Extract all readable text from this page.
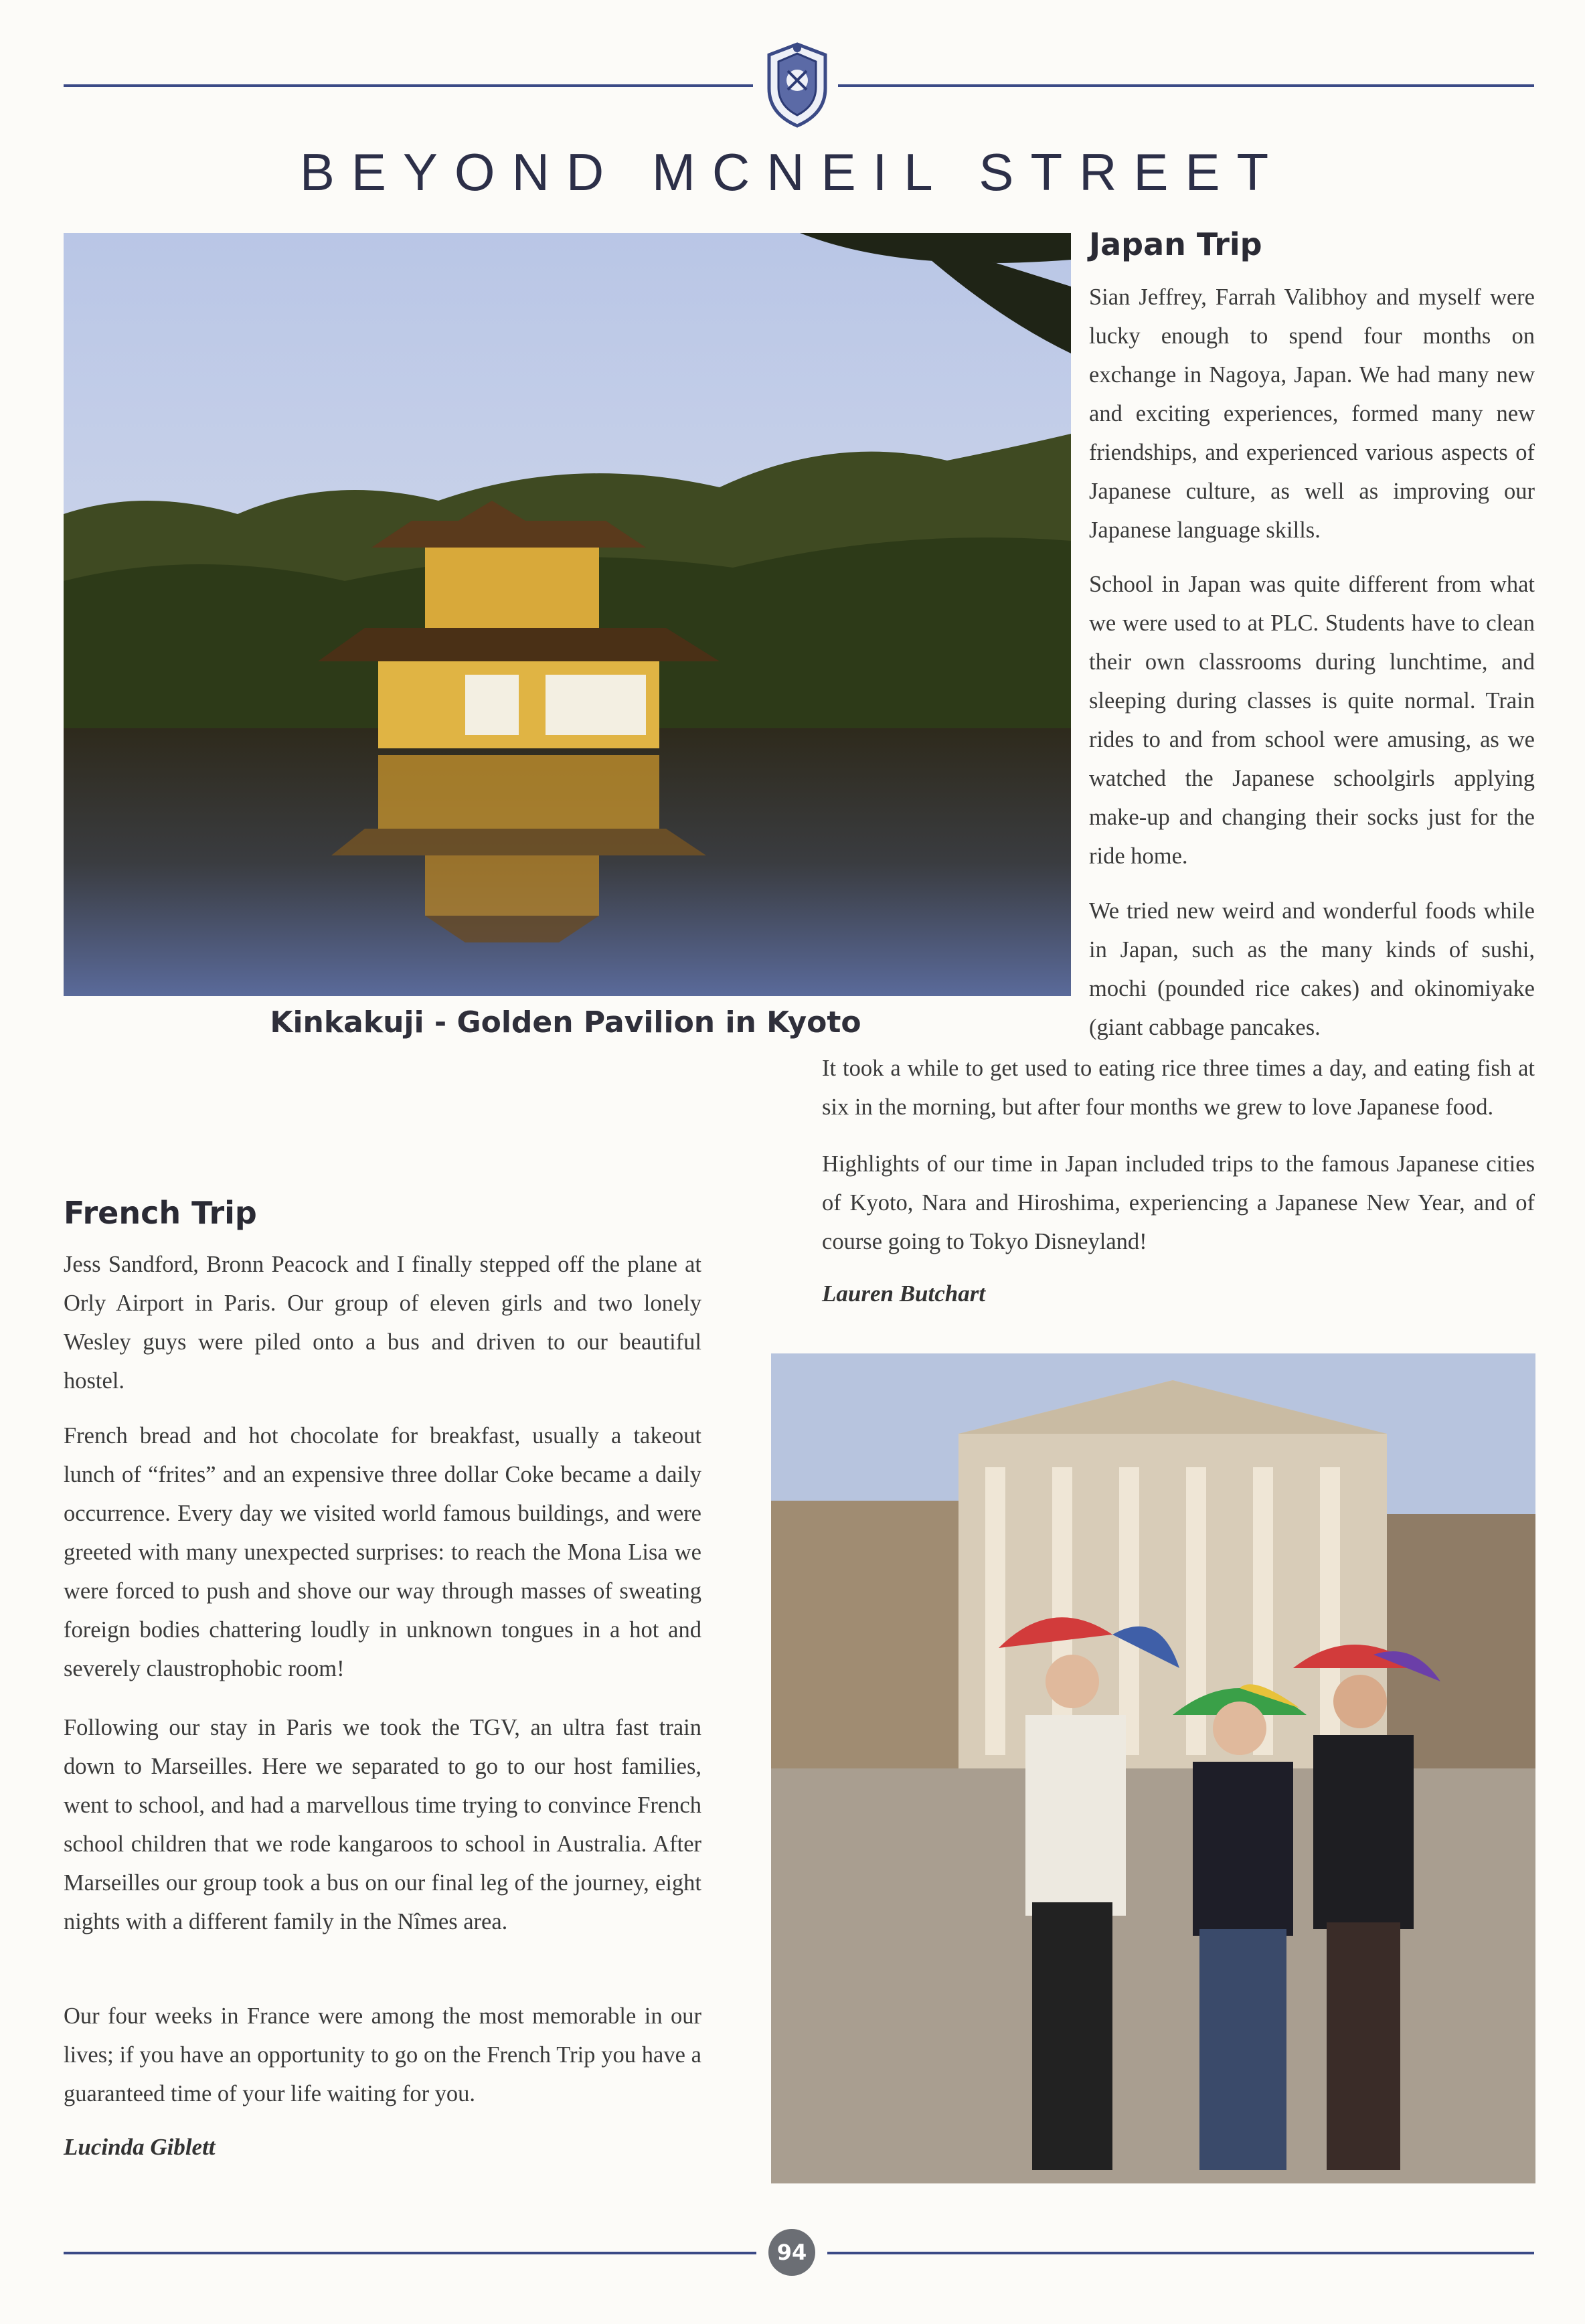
BEYOND MCNEIL STREET
Kinkakuji - Golden Pavilion in Kyoto
Japan Trip

Sian Jeffrey, Farrah Valibhoy and myself were lucky enough to spend four months on exchange in Nagoya, Japan. We had many new and exciting experiences, formed many new friendships, and experienced various aspects of Japanese culture, as well as improving our Japanese language skills.

School in Japan was quite different from what we were used to at PLC. Students have to clean their own classrooms during lunchtime, and sleeping during classes is quite normal. Train rides to and from school were amusing, as we watched the Japanese schoolgirls applying make-up and changing their socks just for the ride home.

We tried new weird and wonderful foods while in Japan, such as the many kinds of sushi, mochi (pounded rice cakes) and okinomiyake (giant cabbage pancakes.

It took a while to get used to eating rice three times a day, and eating fish at six in the morning, but after four months we grew to love Japanese food.

Highlights of our time in Japan included trips to the famous Japanese cities of Kyoto, Nara and Hiroshima, experiencing a Japanese New Year, and of course going to Tokyo Disneyland!

Lauren Butchart

French Trip

Jess Sandford, Bronn Peacock and I finally stepped off the plane at Orly Airport in Paris. Our group of eleven girls and two lonely Wesley guys were piled onto a bus and driven to our beautiful hostel.

French bread and hot chocolate for breakfast, usually a takeout lunch of “frites” and an expensive three dollar Coke became a daily occurrence. Every day we visited world famous buildings, and were greeted with many unexpected surprises: to reach the Mona Lisa we were forced to push and shove our way through masses of sweating foreign bodies chattering loudly in unknown tongues in a hot and severely claustrophobic room!

Following our stay in Paris we took the TGV, an ultra fast train down to Marseilles. Here we separated to go to our host families, went to school, and had a marvellous time trying to convince French school children that we rode kangaroos to school in Australia. After Marseilles our group took a bus on our final leg of the journey, eight nights with a different family in the Nîmes area.

Our four weeks in France were among the most memorable in our lives; if you have an opportunity to go on the French Trip you have a guaranteed time of your life waiting for you.

Lucinda Giblett

94
